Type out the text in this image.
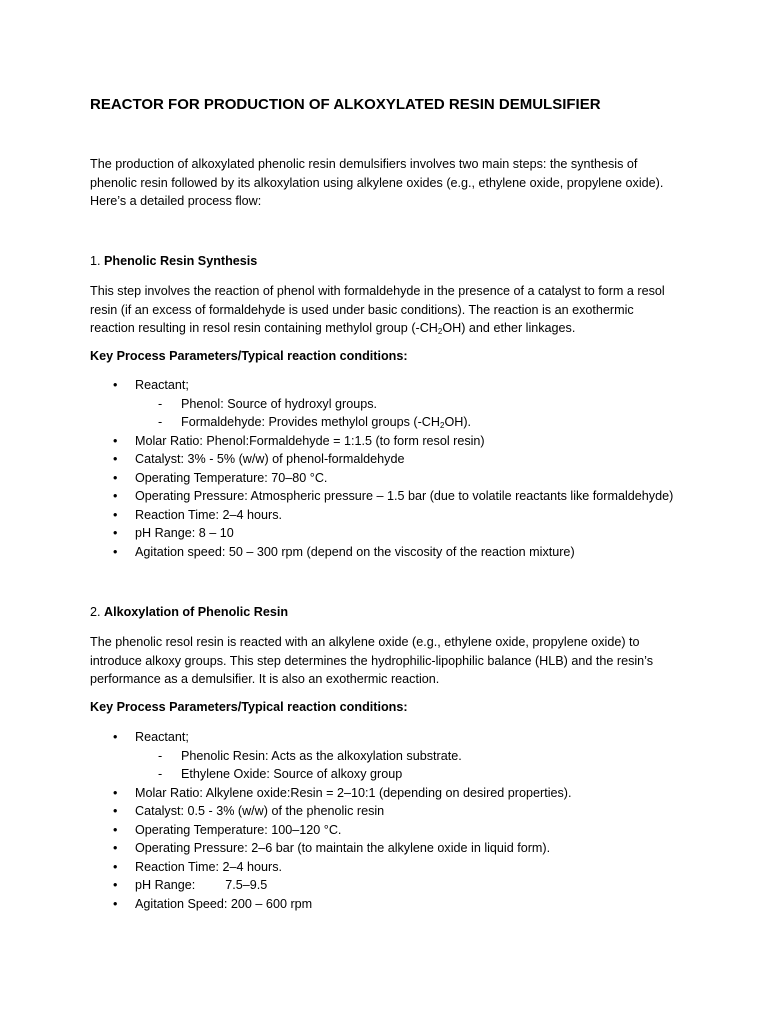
REACTOR FOR PRODUCTION OF ALKOXYLATED RESIN DEMULSIFIER
The production of alkoxylated phenolic resin demulsifiers involves two main steps: the synthesis of
phenolic resin followed by its alkoxylation using alkylene oxides (e.g., ethylene oxide, propylene oxide).
Here’s a detailed process flow:
1. Phenolic Resin Synthesis
This step involves the reaction of phenol with formaldehyde in the presence of a catalyst to form a resol
resin (if an excess of formaldehyde is used under basic conditions). The reaction is an exothermic
reaction resulting in resol resin containing methylol group $(-CH_2OH)$ and ether linkages.
Key Process Parameters/Typical reaction conditions:
• Reactant;
- Phenol: Source of hydroxyl groups.
- Formaldehyde: Provides methylol groups $(-CH_2OH)$.
• Molar Ratio: Phenol:Formaldehyde = 1:1.5 (to form resol resin)
• Catalyst: 3% - 5% (w/w) of phenol-formaldehyde
• Operating Temperature: 70–80 °C.
• Operating Pressure: Atmospheric pressure – 1.5 bar (due to volatile reactants like formaldehyde)
• Reaction Time: 2–4 hours.
• pH Range: 8 – 10
• Agitation speed: 50 – 300 rpm (depend on the viscosity of the reaction mixture)
2. Alkoxylation of Phenolic Resin
The phenolic resol resin is reacted with an alkylene oxide (e.g., ethylene oxide, propylene oxide) to
introduce alkoxy groups. This step determines the hydrophilic-lipophilic balance (HLB) and the resin’s
performance as a demulsifier. It is also an exothermic reaction.
Key Process Parameters/Typical reaction conditions:
• Reactant;
- Phenolic Resin: Acts as the alkoxylation substrate.
- Ethylene Oxide: Source of alkoxy group
• Molar Ratio: Alkylene oxide:Resin = 2–10:1 (depending on desired properties).
• Catalyst: 0.5 - 3% (w/w) of the phenolic resin
• Operating Temperature: 100–120 °C.
• Operating Pressure: 2–6 bar (to maintain the alkylene oxide in liquid form).
• Reaction Time: 2–4 hours.
• pH Range: 7.5–9.5
• Agitation Speed: 200 – 600 rpm
